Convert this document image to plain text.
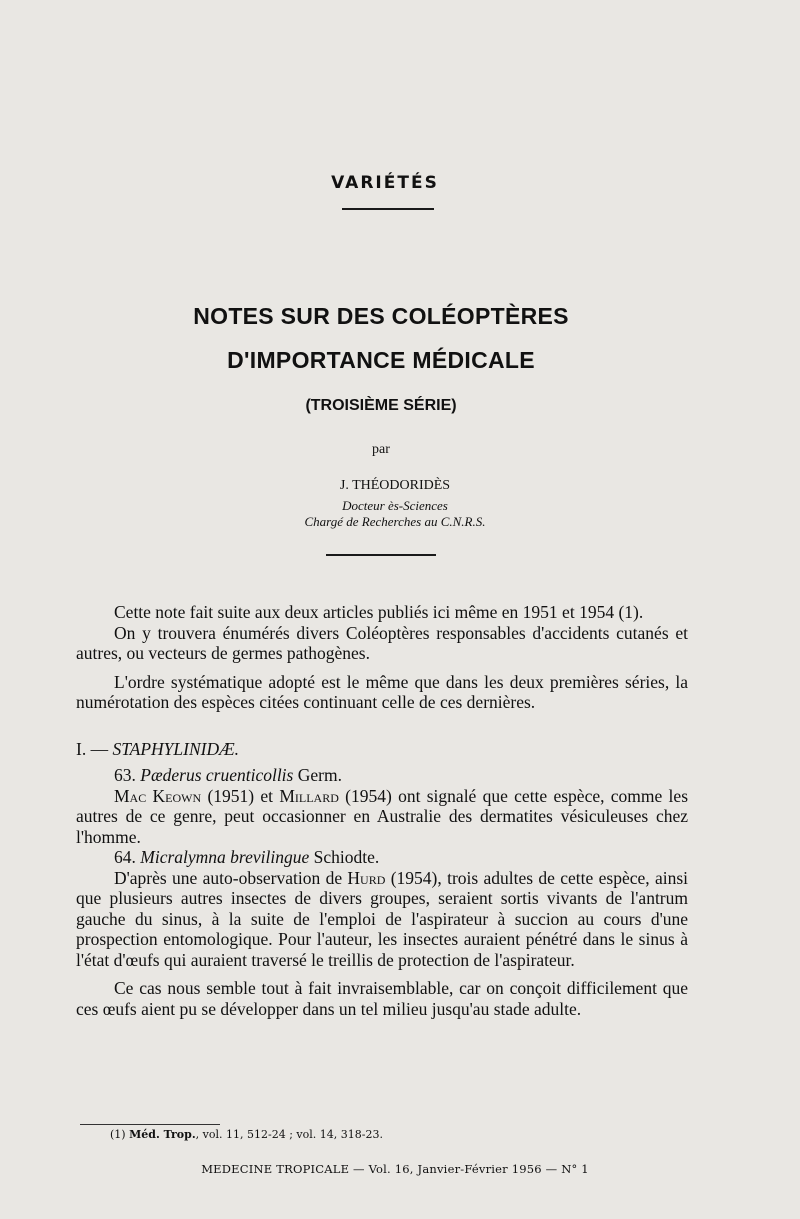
VARIÉTÉS
NOTES SUR DES COLÉOPTÈRES
D'IMPORTANCE MÉDICALE
(TROISIÈME SÉRIE)
par
J. THÉODORIDÈS
Docteur ès-Sciences
Chargé de Recherches au C.N.R.S.

Cette note fait suite aux deux articles publiés ici même en 1951 et 1954 (1).

On y trouvera énumérés divers Coléoptères responsables d'accidents cutanés et autres, ou vecteurs de germes pathogènes.

L'ordre systématique adopté est le même que dans les deux premières séries, la numérotation des espèces citées continuant celle de ces dernières.

I. — STAPHYLINIDÆ.

63. Pæderus cruenticollis Germ.

Mac Keown (1951) et Millard (1954) ont signalé que cette espèce, comme les autres de ce genre, peut occasionner en Australie des dermatites vésiculeuses chez l'homme.

64. Micralymna brevilingue Schiodte.

D'après une auto-observation de Hurd (1954), trois adultes de cette espèce, ainsi que plusieurs autres insectes de divers groupes, seraient sortis vivants de l'antrum gauche du sinus, à la suite de l'emploi de l'aspirateur à succion au cours d'une prospection entomologique. Pour l'auteur, les insectes auraient pénétré dans le sinus à l'état d'œufs qui auraient traversé le treillis de protection de l'aspirateur.

Ce cas nous semble tout à fait invraisemblable, car on conçoit difficilement que ces œufs aient pu se développer dans un tel milieu jusqu'au stade adulte.

(1) Méd. Trop., vol. 11, 512-24 ; vol. 14, 318-23.
MEDECINE TROPICALE — Vol. 16, Janvier-Février 1956 — N° 1
